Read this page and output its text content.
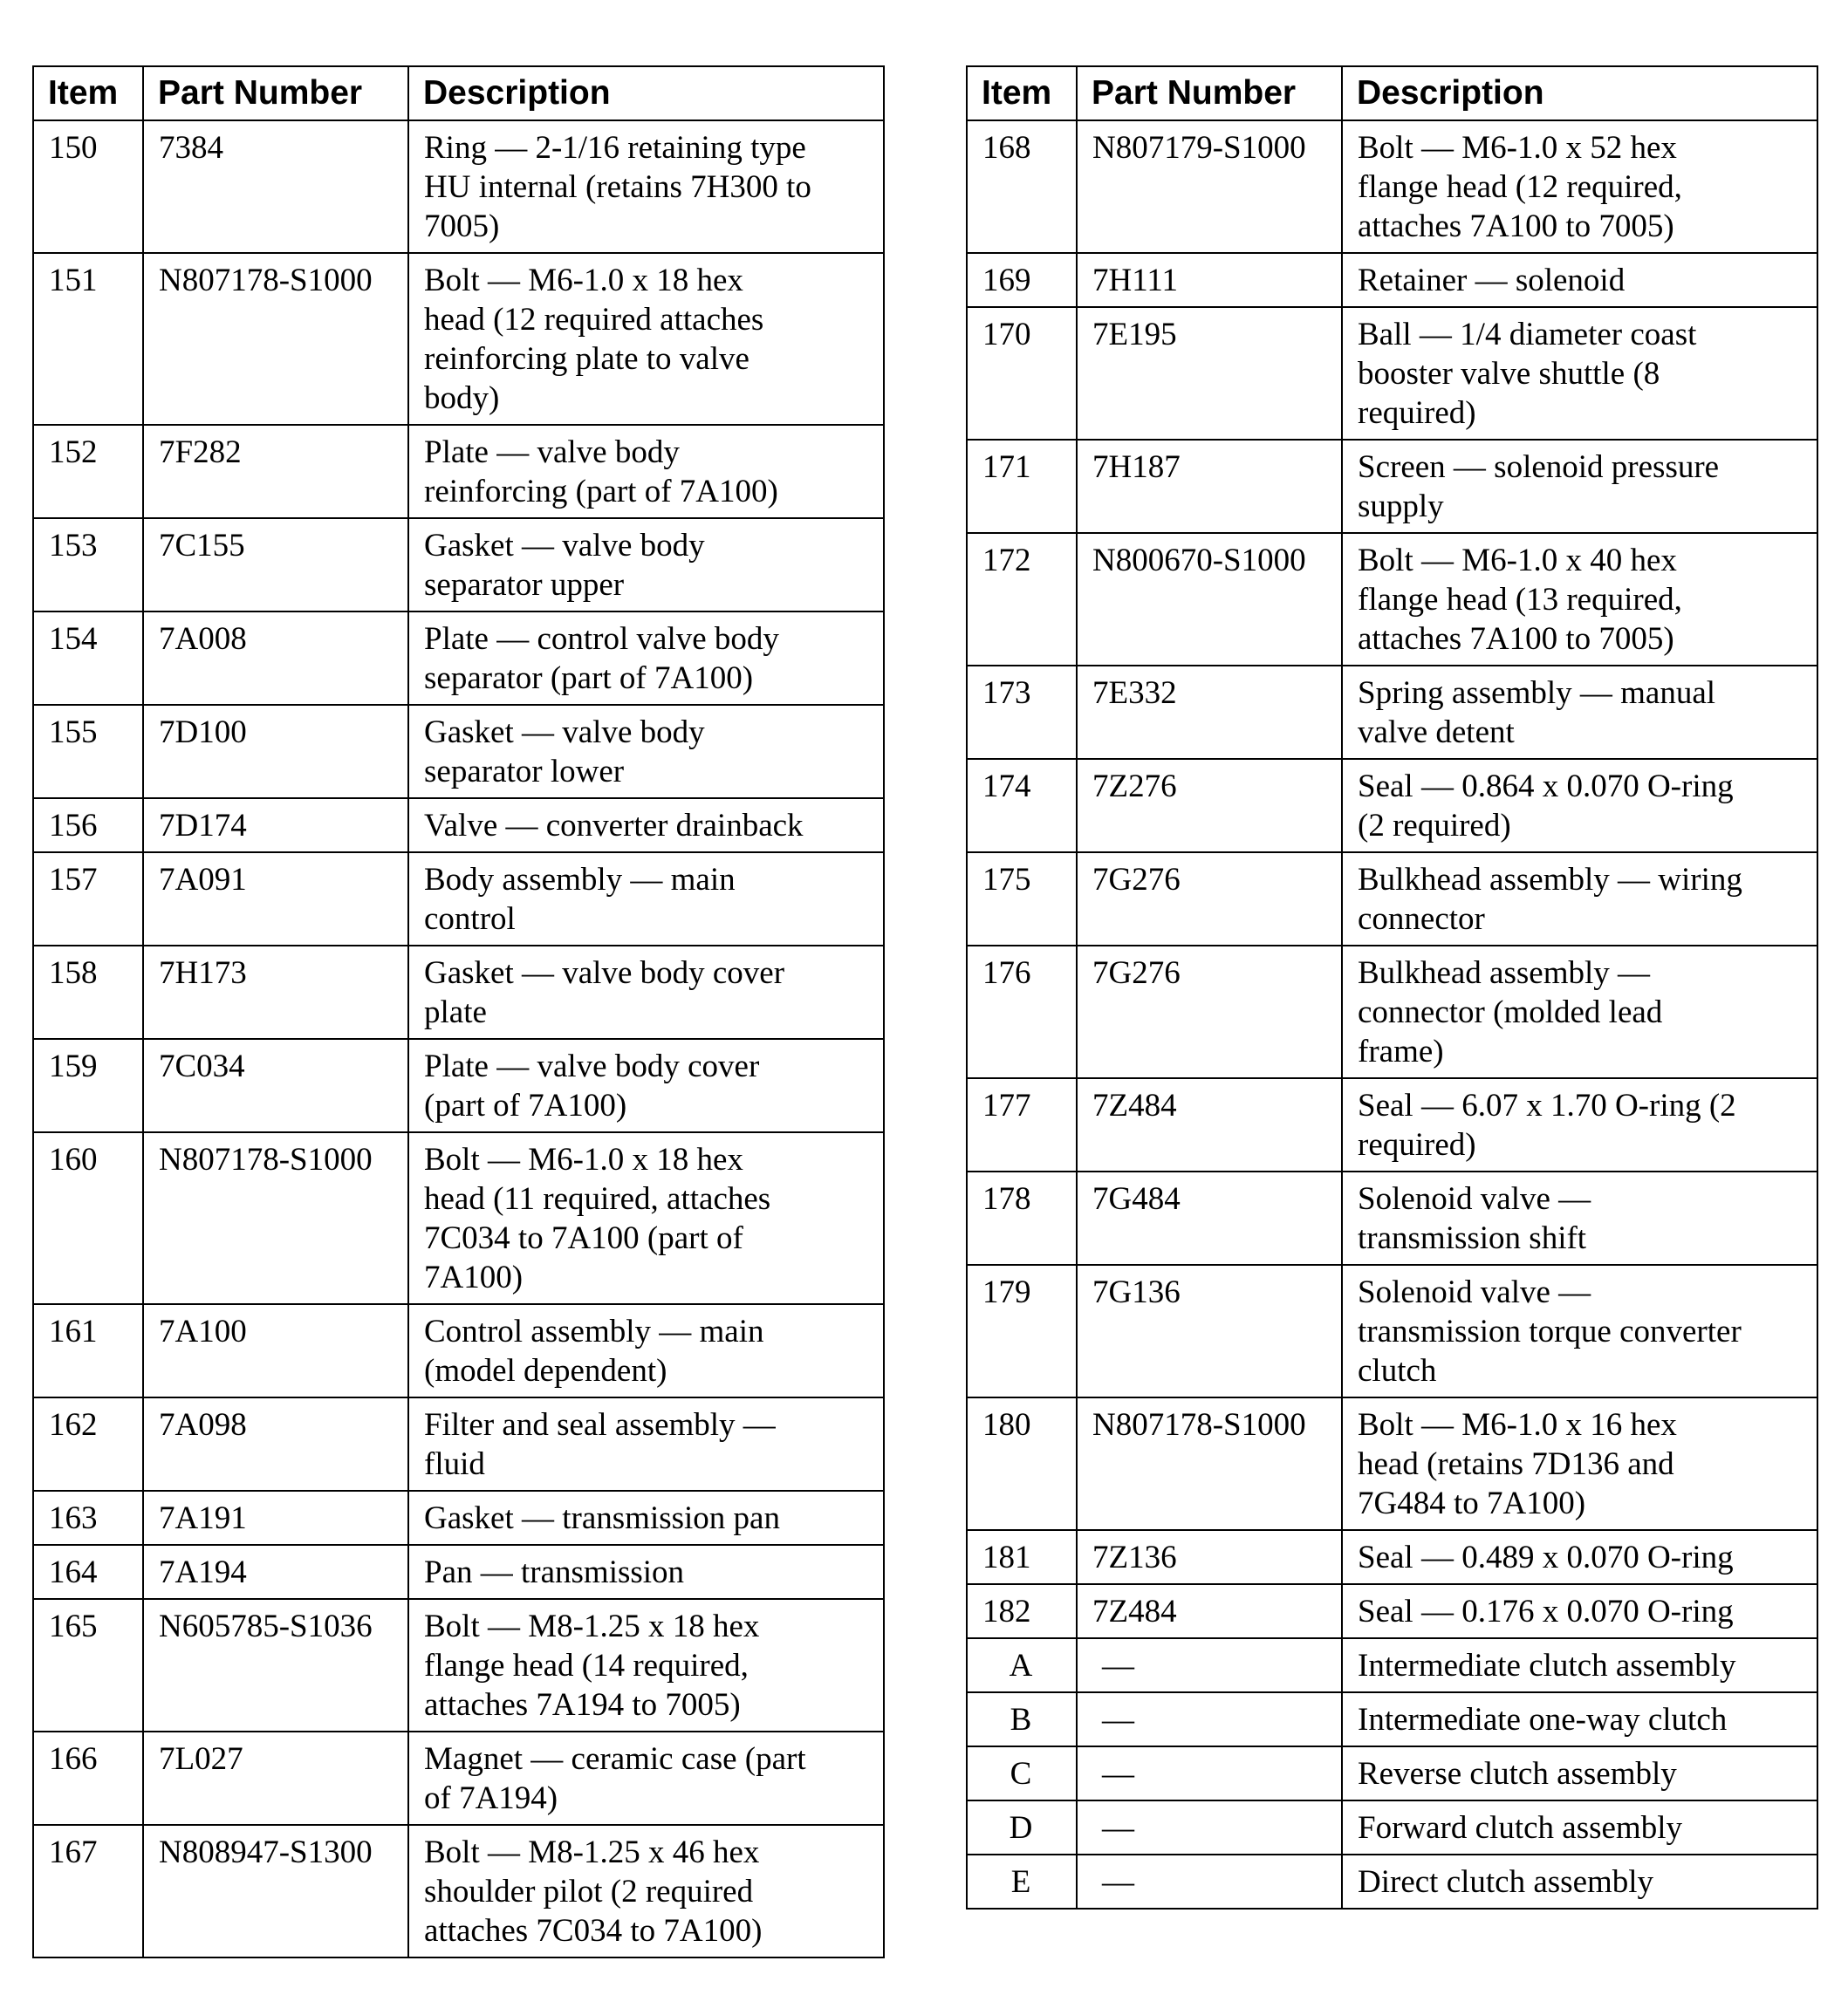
Item	Part Number	Description
150	7384	Ring — 2-1/16 retaining type
HU internal (retains 7H300 to
7005)
151	N807178-S1000	Bolt — M6-1.0 x 18 hex
head (12 required attaches
reinforcing plate to valve
body)
152	7F282	Plate — valve body
reinforcing (part of 7A100)
153	7C155	Gasket — valve body
separator upper
154	7A008	Plate — control valve body
separator (part of 7A100)
155	7D100	Gasket — valve body
separator lower
156	7D174	Valve — converter drainback
157	7A091	Body assembly — main
control
158	7H173	Gasket — valve body cover
plate
159	7C034	Plate — valve body cover
(part of 7A100)
160	N807178-S1000	Bolt — M6-1.0 x 18 hex
head (11 required, attaches
7C034 to 7A100 (part of
7A100)
161	7A100	Control assembly — main
(model dependent)
162	7A098	Filter and seal assembly —
fluid
163	7A191	Gasket — transmission pan
164	7A194	Pan — transmission
165	N605785-S1036	Bolt — M8-1.25 x 18 hex
flange head (14 required,
attaches 7A194 to 7005)
166	7L027	Magnet — ceramic case (part
of 7A194)
167	N808947-S1300	Bolt — M8-1.25 x 46 hex
shoulder pilot (2 required
attaches 7C034 to 7A100)
Item	Part Number	Description
168	N807179-S1000	Bolt — M6-1.0 x 52 hex
flange head (12 required,
attaches 7A100 to 7005)
169	7H111	Retainer — solenoid
170	7E195	Ball — 1/4 diameter coast
booster valve shuttle (8
required)
171	7H187	Screen — solenoid pressure
supply
172	N800670-S1000	Bolt — M6-1.0 x 40 hex
flange head (13 required,
attaches 7A100 to 7005)
173	7E332	Spring assembly — manual
valve detent
174	7Z276	Seal — 0.864 x 0.070 O-ring
(2 required)
175	7G276	Bulkhead assembly — wiring
connector
176	7G276	Bulkhead assembly —
connector (molded lead
frame)
177	7Z484	Seal — 6.07 x 1.70 O-ring (2
required)
178	7G484	Solenoid valve —
transmission shift
179	7G136	Solenoid valve —
transmission torque converter
clutch
180	N807178-S1000	Bolt — M6-1.0 x 16 hex
head (retains 7D136 and
7G484 to 7A100)
181	7Z136	Seal — 0.489 x 0.070 O-ring
182	7Z484	Seal — 0.176 x 0.070 O-ring
A	—	Intermediate clutch assembly
B	—	Intermediate one-way clutch
C	—	Reverse clutch assembly
D	—	Forward clutch assembly
E	—	Direct clutch assembly
